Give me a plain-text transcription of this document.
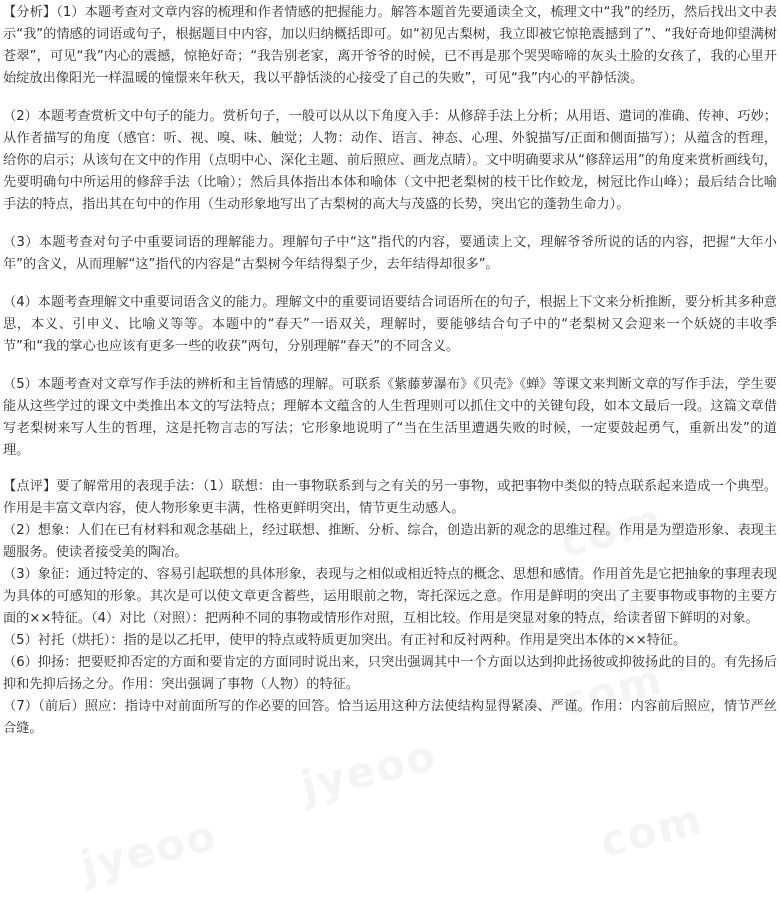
com
jyeoo
com
jyeoo
com
jyeoo

【分析】（1）本题考查对文章内容的梳理和作者情感的把握能力。解答本题首先要通读全文，梳理文中“我”的经历，然后找出文中表示“我”的情感的词语或句子，根据题目中内容，加以归纳概括即可。如“初见古梨树，我立即被它惊艳震撼到了”、“我好奇地仰望满树苍翠”，可见“我”内心的震撼，惊艳好奇；“我告别老家，离开爷爷的时候，已不再是那个哭哭啼啼的灰头土脸的女孩了，我的心里开始绽放出像阳光一样温暖的憧憬来年秋天，我以平静恬淡的心接受了自己的失败”，可见“我”内心的平静恬淡。

（2）本题考查赏析文中句子的能力。赏析句子，一般可以从以下角度入手：从修辞手法上分析；从用语、遣词的准确、传神、巧妙；从作者描写的角度（感官：听、视、嗅、味、触觉；人物：动作、语言、神态、心理、外貌描写/正面和侧面描写）；从蕴含的哲理，给你的启示；从该句在文中的作用（点明中心、深化主题、前后照应、画龙点睛）。文中明确要求从“修辞运用”的角度来赏析画线句，先要明确句中所运用的修辞手法（比喻）；然后具体指出本体和喻体（文中把老梨树的枝干比作蛟龙，树冠比作山峰）；最后结合比喻手法的特点，指出其在句中的作用（生动形象地写出了古梨树的高大与茂盛的长势，突出它的蓬勃生命力）。

（3）本题考查对句子中重要词语的理解能力。理解句子中“这”指代的内容，要通读上文，理解爷爷所说的话的内容，把握“大年小年”的含义，从而理解“这”指代的内容是“古梨树今年结得梨子少，去年结得却很多”。

（4）本题考查理解文中重要词语含义的能力。理解文中的重要词语要结合词语所在的句子，根据上下文来分析推断，要分析其多种意思，本义、引申义、比喻义等等。本题中的“春天”一语双关，理解时，要能够结合句子中的“老梨树又会迎来一个妖娆的丰收季节”和“我的掌心也应该有更多一些的收获”两句，分别理解“春天”的不同含义。

（5）本题考查对文章写作手法的辨析和主旨情感的理解。可联系《紫藤萝瀑布》《贝壳》《蝉》等课文来判断文章的写作手法，学生要能从这些学过的课文中类推出本文的写法特点；理解本文蕴含的人生哲理则可以抓住文中的关键句段，如本文最后一段。这篇文章借写老梨树来写人生的哲理，这是托物言志的写法；它形象地说明了“当在生活里遭遇失败的时候，一定要鼓起勇气，重新出发”的道理。

【点评】要了解常用的表现手法：（1）联想：由一事物联系到与之有关的另一事物，或把事物中类似的特点联系起来造成一个典型。作用是丰富文章内容，使人物形象更丰满，性格更鲜明突出，情节更生动感人。

（2）想象：人们在已有材料和观念基础上，经过联想、推断、分析、综合，创造出新的观念的思维过程。作用是为塑造形象、表现主题服务。使读者接受美的陶冶。

（3）象征：通过特定的、容易引起联想的具体形象，表现与之相似或相近特点的概念、思想和感情。作用首先是它把抽象的事理表现为具体的可感知的形象。其次是可以使文章更含蓄些，运用眼前之物，寄托深远之意。作用是鲜明的突出了主要事物或事物的主要方面的××特征。（4）对比（对照）：把两种不同的事物或情形作对照，互相比较。作用是突显对象的特点，给读者留下鲜明的对象。

（5）衬托（烘托）：指的是以乙托甲，使甲的特点或特质更加突出。有正衬和反衬两种。作用是突出本体的××特征。

（6）抑扬：把要贬抑否定的方面和要肯定的方面同时说出来，只突出强调其中一个方面以达到抑此扬彼或抑彼扬此的目的。有先扬后抑和先抑后扬之分。作用：突出强调了事物（人物）的特征。

（7）（前后）照应：指诗中对前面所写的作必要的回答。恰当运用这种方法使结构显得紧凑、严谨。作用：内容前后照应，情节严丝合缝。
